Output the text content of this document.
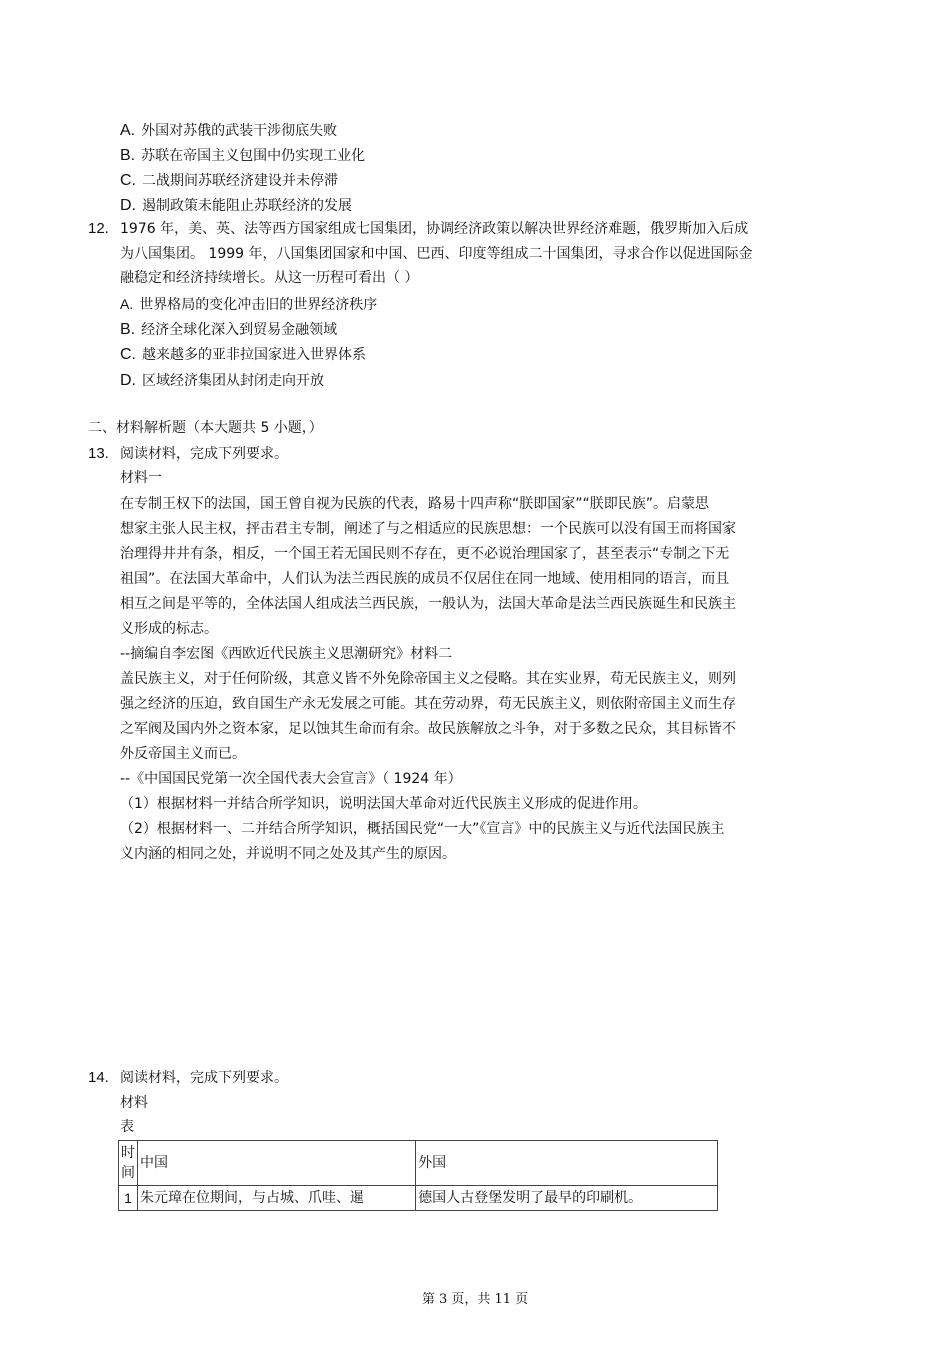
A. 外国对苏俄的武装干涉彻底失败
B. 苏联在帝国主义包围中仍实现工业化
C. 二战期间苏联经济建设并未停滞
D. 遏制政策未能阻止苏联经济的发展
12. 1976 年，美、英、法等西方国家组成七国集团，协调经济政策以解决世界经济难题，俄罗斯加入后成
为八国集团。 1999 年，八国集团国家和中国、巴西、印度等组成二十国集团，寻求合作以促进国际金
融稳定和经济持续增长。从这一历程可看出（ ）
A. 世界格局的变化冲击旧的世界经济秩序
B. 经济全球化深入到贸易金融领域
C. 越来越多的亚非拉国家进入世界体系
D. 区域经济集团从封闭走向开放
二、材料解析题（本大题共 5 小题，）
13. 阅读材料，完成下列要求。
材料一
在专制王权下的法国，国王曾自视为民族的代表，路易十四声称“朕即国家”“朕即民族”。启蒙思
想家主张人民主权，抨击君主专制，阐述了与之相适应的民族思想：一个民族可以没有国王而将国家
治理得井井有条，相反，一个国王若无国民则不存在，更不必说治理国家了，甚至表示“专制之下无
祖国”。在法国大革命中，人们认为法兰西民族的成员不仅居住在同一地域、使用相同的语言，而且
相互之间是平等的，全体法国人组成法兰西民族，一般认为，法国大革命是法兰西民族诞生和民族主
义形成的标志。
--摘编自李宏图《西欧近代民族主义思潮研究》材料二
盖民族主义，对于任何阶级，其意义皆不外免除帝国主义之侵略。其在实业界，苟无民族主义，则列
强之经济的压迫，致自国生产永无发展之可能。其在劳动界，苟无民族主义，则依附帝国主义而生存
之军阀及国内外之资本家，足以蚀其生命而有余。故民族解放之斗争，对于多数之民众，其目标皆不
外反帝国主义而已。
--《中国国民党第一次全国代表大会宣言》（ 1924 年）
（1）根据材料一并结合所学知识，说明法国大革命对近代民族主义形成的促进作用。
（2）根据材料一、二并结合所学知识，概括国民党“一大”《宣言》中的民族主义与近代法国民族主
义内涵的相同之处，并说明不同之处及其产生的原因。
14. 阅读材料，完成下列要求。
材料
表
时间	中国	外国
1	朱元璋在位期间，与占城、爪哇、暹	德国人古登堡发明了最早的印刷机。
第 3 页，共 11 页
